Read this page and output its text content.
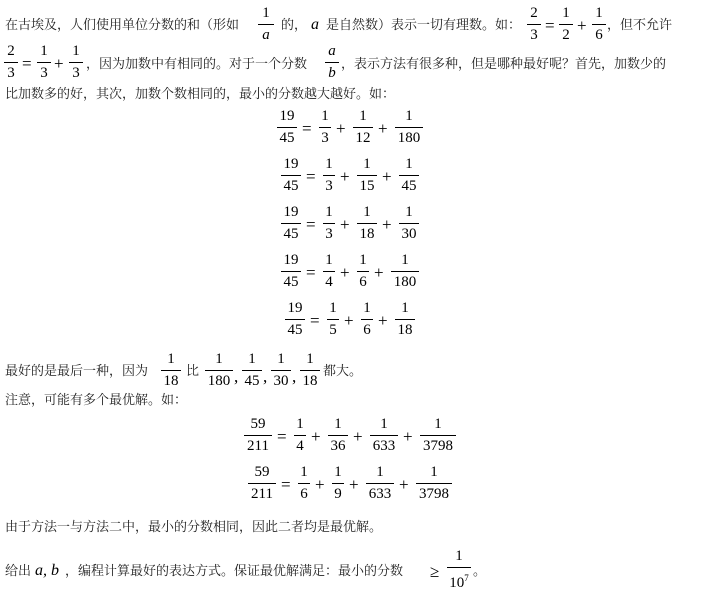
在古埃及，人们使用单位分数的和（形如
1
a
的， a 是自然数）表示一切有理数。如：
2
3 =
1
2 +
1
6
，但不允许
2
3 =
1
3 +
1
3
，因为加数中有相同的。对于一个分数
a
b
，表示方法有很多种，但是哪种最好呢？首先，加数少的
比加数多的好，其次，加数个数相同的，最小的分数越大越好。如：
19
45 =
1
3 +
1
12 +
1
180
19
45 =
1
3 +
1
15 +
1
45
19
45 =
1
3 +
1
18 +
1
30
19
45 =
1
4 +
1
6 +
1
180
19
45 =
1
5 +
1
6 +
1
18
最好的是最后一种，因为
1
18
比
1
180 ,
1
45 ,
1
30 ,
1
18
都大。
注意，可能有多个最优解。如：
59
211 =
1
4 +
1
36 +
1
633 +
1
3798
59
211 =
1
6 +
1
9 +
1
633 +
1
3798
由于方法一与方法二中，最小的分数相同，因此二者均是最优解。
给出 a, b ，编程计算最好的表达方式。保证最优解满足：最小的分数 ≥
1
$10^7$ 。
